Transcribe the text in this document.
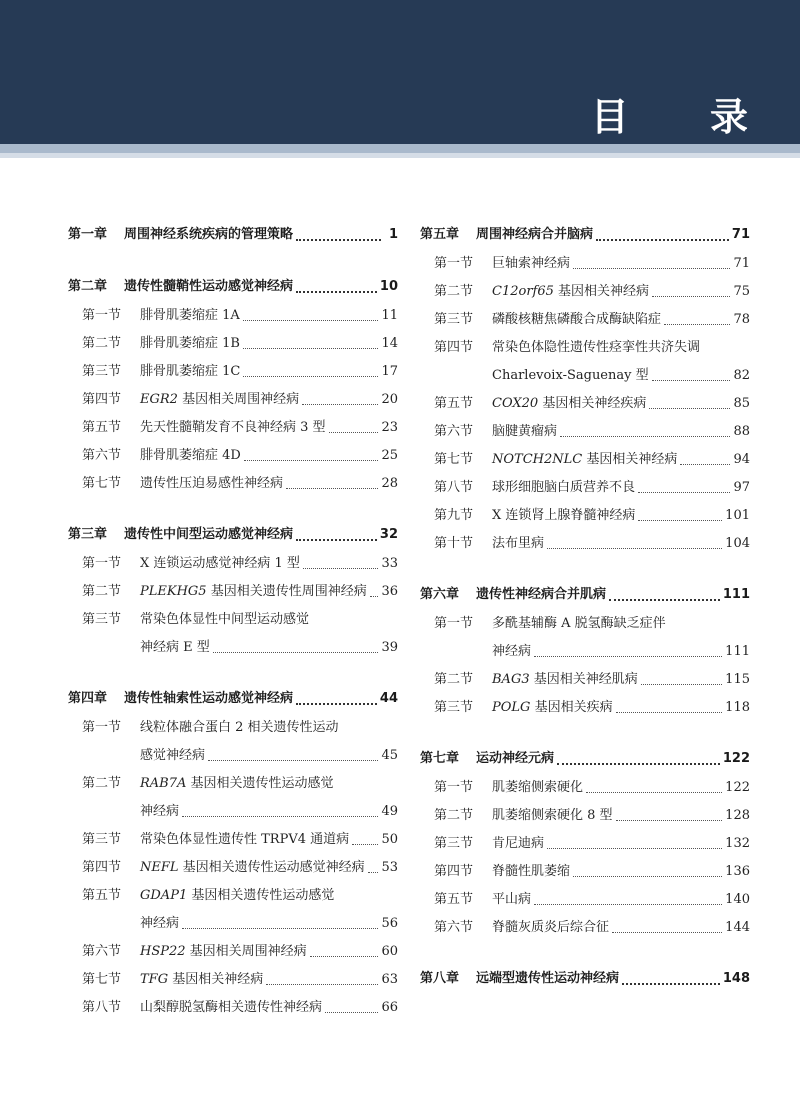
目 录
第一章	周围神经系统疾病的管理策略	1
第二章	遗传性髓鞘性运动感觉神经病	10
第一节	腓骨肌萎缩症 1A	11
第二节	腓骨肌萎缩症 1B	14
第三节	腓骨肌萎缩症 1C	17
第四节	EGR2 基因相关周围神经病	20
第五节	先天性髓鞘发育不良神经病 3 型	23
第六节	腓骨肌萎缩症 4D	25
第七节	遗传性压迫易感性神经病	28
第三章	遗传性中间型运动感觉神经病	32
第一节	X 连锁运动感觉神经病 1 型	33
第二节	PLEKHG5 基因相关遗传性周围神经病 36
第三节	常染色体显性中间型运动感觉
神经病 E 型	39
第四章	遗传性轴索性运动感觉神经病	44
第一节	线粒体融合蛋白 2 相关遗传性运动
感觉神经病	45
第二节	RAB7A 基因相关遗传性运动感觉
神经病	49
第三节	常染色体显性遗传性 TRPV4 通道病 50
第四节	NEFL 基因相关遗传性运动感觉神经病 53
第五节	GDAP1 基因相关遗传性运动感觉
神经病	56
第六节	HSP22 基因相关周围神经病	60
第七节	TFG 基因相关神经病	63
第八节	山梨醇脱氢酶相关遗传性神经病	66
第五章	周围神经病合并脑病	71
第一节	巨轴索神经病	71
第二节	C12orf65 基因相关神经病	75
第三节	磷酸核糖焦磷酸合成酶缺陷症	78
第四节	常染色体隐性遗传性痉挛性共济失调
Charlevoix-Saguenay 型	82
第五节	COX20 基因相关神经疾病	85
第六节	脑腱黄瘤病	88
第七节	NOTCH2NLC 基因相关神经病	94
第八节	球形细胞脑白质营养不良	97
第九节	X 连锁肾上腺脊髓神经病	101
第十节	法布里病	104
第六章	遗传性神经病合并肌病	111
第一节	多酰基辅酶 A 脱氢酶缺乏症伴
神经病	111
第二节	BAG3 基因相关神经肌病	115
第三节	POLG 基因相关疾病	118
第七章	运动神经元病	122
第一节	肌萎缩侧索硬化	122
第二节	肌萎缩侧索硬化 8 型	128
第三节	肯尼迪病	132
第四节	脊髓性肌萎缩	136
第五节	平山病	140
第六节	脊髓灰质炎后综合征	144
第八章	远端型遗传性运动神经病	148
